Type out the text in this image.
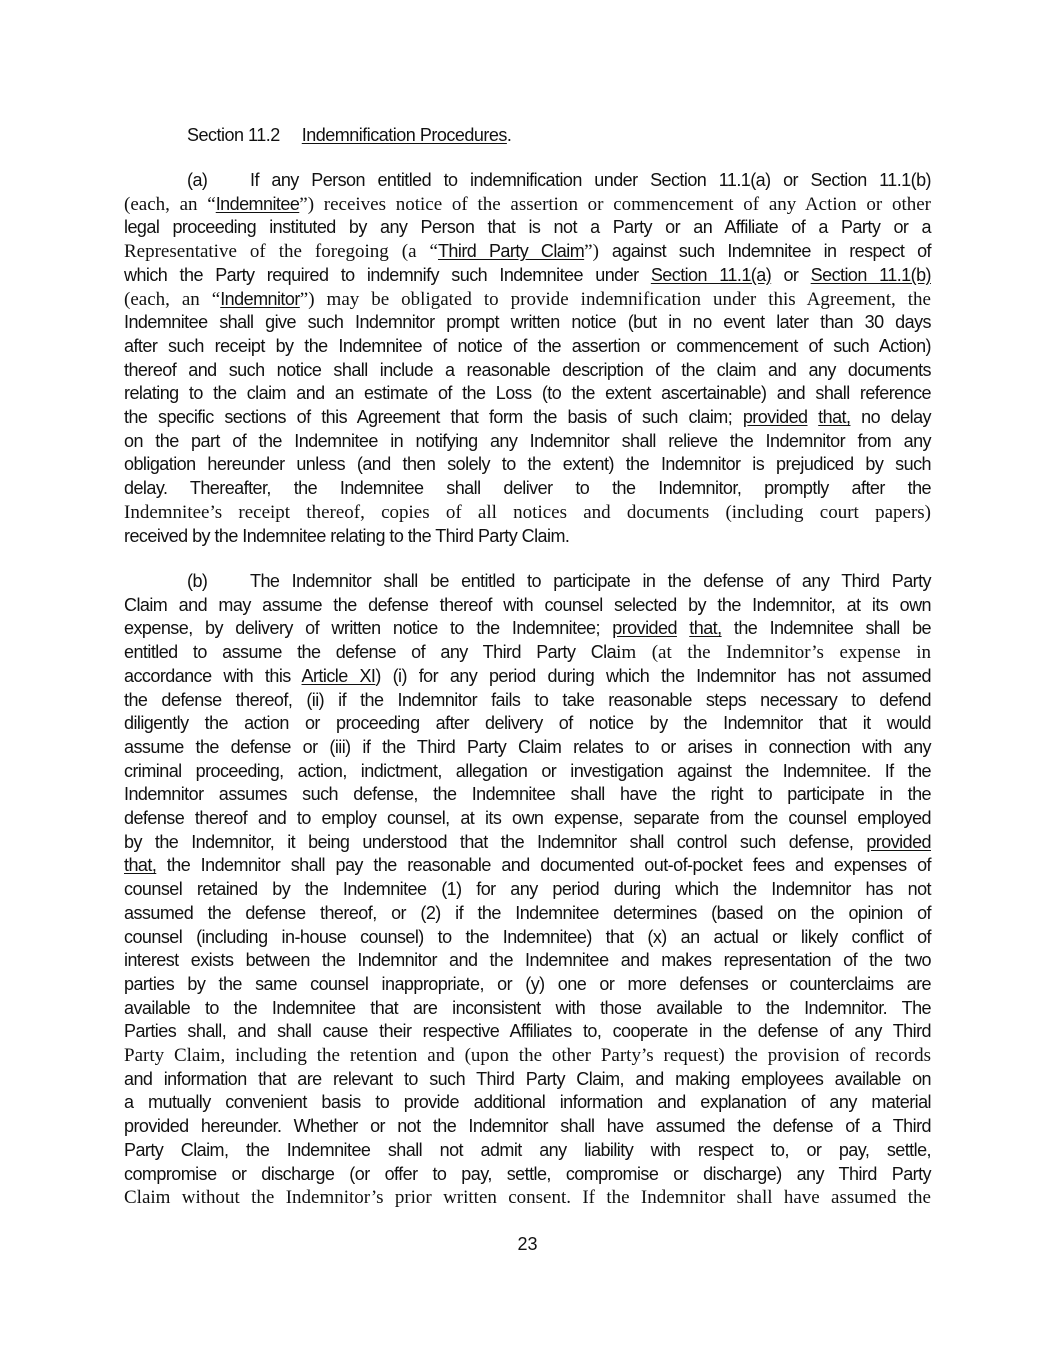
Section 11.2 Indemnification Procedures.
(a)	If any Person entitled to indemnification under Section 11.1(a) or Section 11.1(b)
(each, an “Indemnitee”) receives notice of the assertion or commencement of any Action or other
legal proceeding instituted by any Person that is not a Party or an Affiliate of a Party or a
Representative of the foregoing (a “Third Party Claim”) against such Indemnitee in respect of
which the Party required to indemnify such Indemnitee under Section 11.1(a) or Section 11.1(b)
(each, an “Indemnitor”) may be obligated to provide indemnification under this Agreement, the
Indemnitee shall give such Indemnitor prompt written notice (but in no event later than 30 days
after such receipt by the Indemnitee of notice of the assertion or commencement of such Action)
thereof and such notice shall include a reasonable description of the claim and any documents
relating to the claim and an estimate of the Loss (to the extent ascertainable) and shall reference
the specific sections of this Agreement that form the basis of such claim; provided that, no delay
on the part of the Indemnitee in notifying any Indemnitor shall relieve the Indemnitor from any
obligation hereunder unless (and then solely to the extent) the Indemnitor is prejudiced by such
delay. Thereafter, the Indemnitee shall deliver to the Indemnitor, promptly after the
Indemnitee’s receipt thereof, copies of all notices and documents (including court papers)
received by the Indemnitee relating to the Third Party Claim.
(b)	The Indemnitor shall be entitled to participate in the defense of any Third Party
Claim and may assume the defense thereof with counsel selected by the Indemnitor, at its own
expense, by delivery of written notice to the Indemnitee; provided that, the Indemnitee shall be
entitled to assume the defense of any Third Party Claim (at the Indemnitor’s expense in
accordance with this Article XI) (i) for any period during which the Indemnitor has not assumed
the defense thereof, (ii) if the Indemnitor fails to take reasonable steps necessary to defend
diligently the action or proceeding after delivery of notice by the Indemnitor that it would
assume the defense or (iii) if the Third Party Claim relates to or arises in connection with any
criminal proceeding, action, indictment, allegation or investigation against the Indemnitee. If the
Indemnitor assumes such defense, the Indemnitee shall have the right to participate in the
defense thereof and to employ counsel, at its own expense, separate from the counsel employed
by the Indemnitor, it being understood that the Indemnitor shall control such defense, provided
that, the Indemnitor shall pay the reasonable and documented out-of-pocket fees and expenses of
counsel retained by the Indemnitee (1) for any period during which the Indemnitor has not
assumed the defense thereof, or (2) if the Indemnitee determines (based on the opinion of
counsel (including in-house counsel) to the Indemnitee) that (x) an actual or likely conflict of
interest exists between the Indemnitor and the Indemnitee and makes representation of the two
parties by the same counsel inappropriate, or (y) one or more defenses or counterclaims are
available to the Indemnitee that are inconsistent with those available to the Indemnitor. The
Parties shall, and shall cause their respective Affiliates to, cooperate in the defense of any Third
Party Claim, including the retention and (upon the other Party’s request) the provision of records
and information that are relevant to such Third Party Claim, and making employees available on
a mutually convenient basis to provide additional information and explanation of any material
provided hereunder. Whether or not the Indemnitor shall have assumed the defense of a Third
Party Claim, the Indemnitee shall not admit any liability with respect to, or pay, settle,
compromise or discharge (or offer to pay, settle, compromise or discharge) any Third Party
Claim without the Indemnitor’s prior written consent. If the Indemnitor shall have assumed the
23
